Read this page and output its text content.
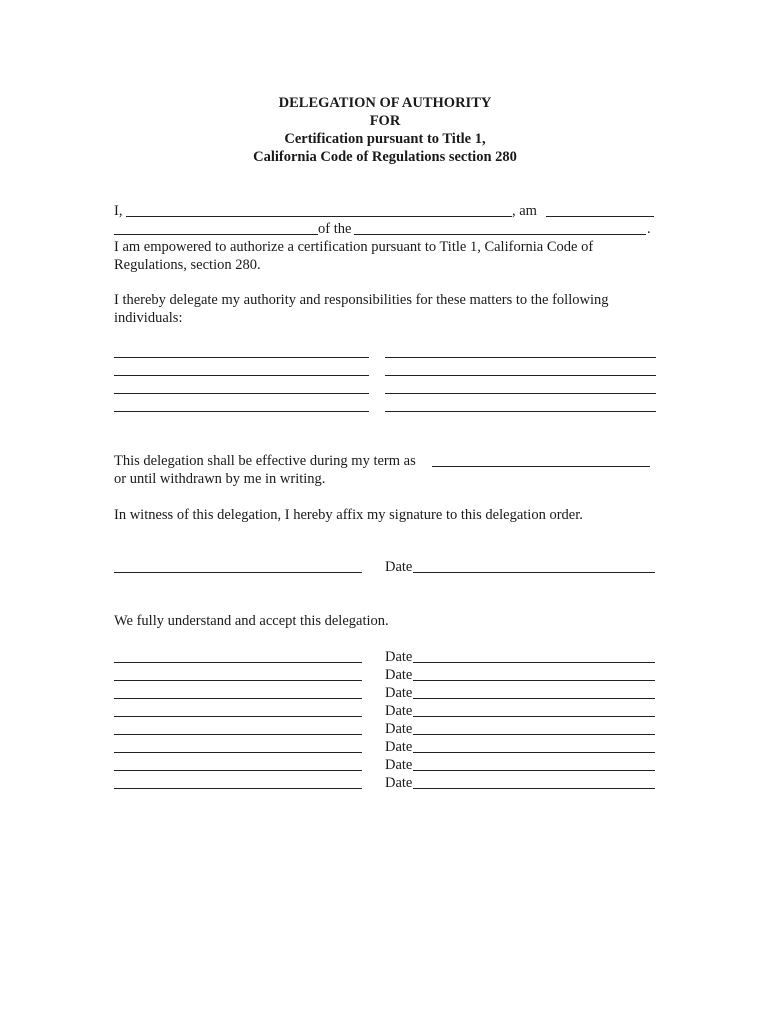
DELEGATION OF AUTHORITY
FOR
Certification pursuant to Title 1,
California Code of Regulations section 280
I,	, am
of the	.
I am empowered to authorize a certification pursuant to Title 1, California Code of
Regulations, section 280.
I thereby delegate my authority and responsibilities for these matters to the following
individuals:
This delegation shall be effective during my term as
or until withdrawn by me in writing.
In witness of this delegation, I hereby affix my signature to this delegation order.
Date
We fully understand and accept this delegation.
Date
Date
Date
Date
Date
Date
Date
Date
